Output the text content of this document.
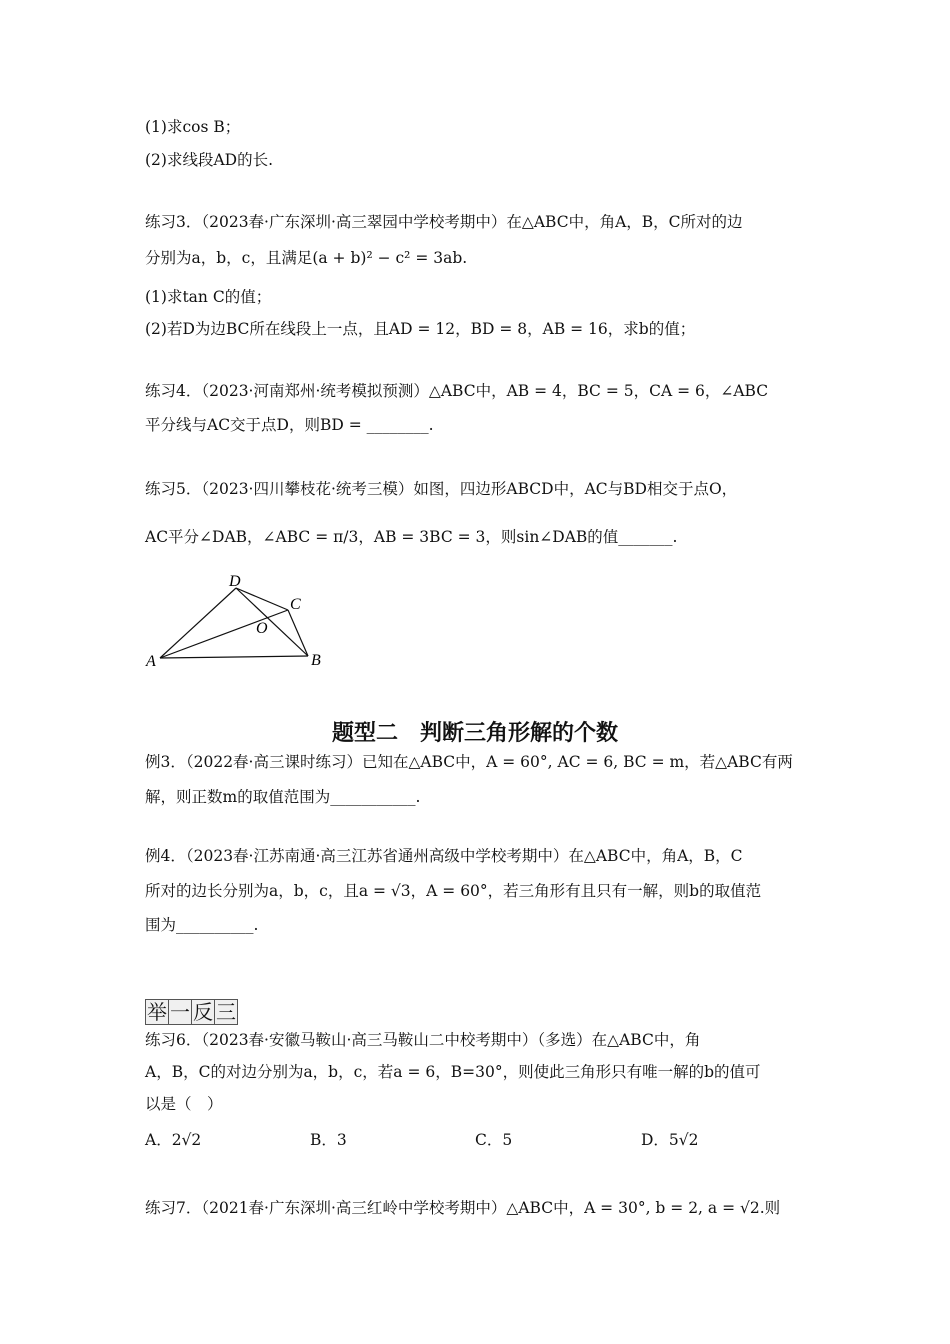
(1)求cos B；
(2)求线段AD的长.
练习3．（2023春·广东深圳·高三翠园中学校考期中）在△ABC中，角A，B，C所对的边
分别为a，b，c，且满足(a + b)² − c² = 3ab.
(1)求tan C的值；
(2)若D为边BC所在线段上一点，且AD = 12，BD = 8，AB = 16，求b的值；
练习4．（2023·河南郑州·统考模拟预测）△ABC中，AB = 4，BC = 5，CA = 6，∠ABC
平分线与AC交于点D，则BD = ________.
练习5．（2023·四川攀枝花·统考三模）如图，四边形ABCD中，AC与BD相交于点O，
AC平分∠DAB，∠ABC = π/3，AB = 3BC = 3，则sin∠DAB的值_______.
D
C
O
A	B
题型二　判断三角形解的个数
例3．（2022春·高三课时练习）已知在△ABC中，A = 60°, AC = 6, BC = m，若△ABC有两
解，则正数m的取值范围为___________.
例4．（2023春·江苏南通·高三江苏省通州高级中学校考期中）在△ABC中，角A，B，C
所对的边长分别为a，b，c，且a = √3，A = 60°，若三角形有且只有一解，则b的取值范
围为__________.
举 一 反 三
练习6．（2023春·安徽马鞍山·高三马鞍山二中校考期中）（多选）在△ABC中，角
A，B，C的对边分别为a，b，c，若a = 6，B=30°，则使此三角形只有唯一解的b的值可
以是（　）
A．2√2	B．3	C．5	D．5√2
练习7．（2021春·广东深圳·高三红岭中学校考期中）△ABC中，A = 30°, b = 2, a = √2.则
